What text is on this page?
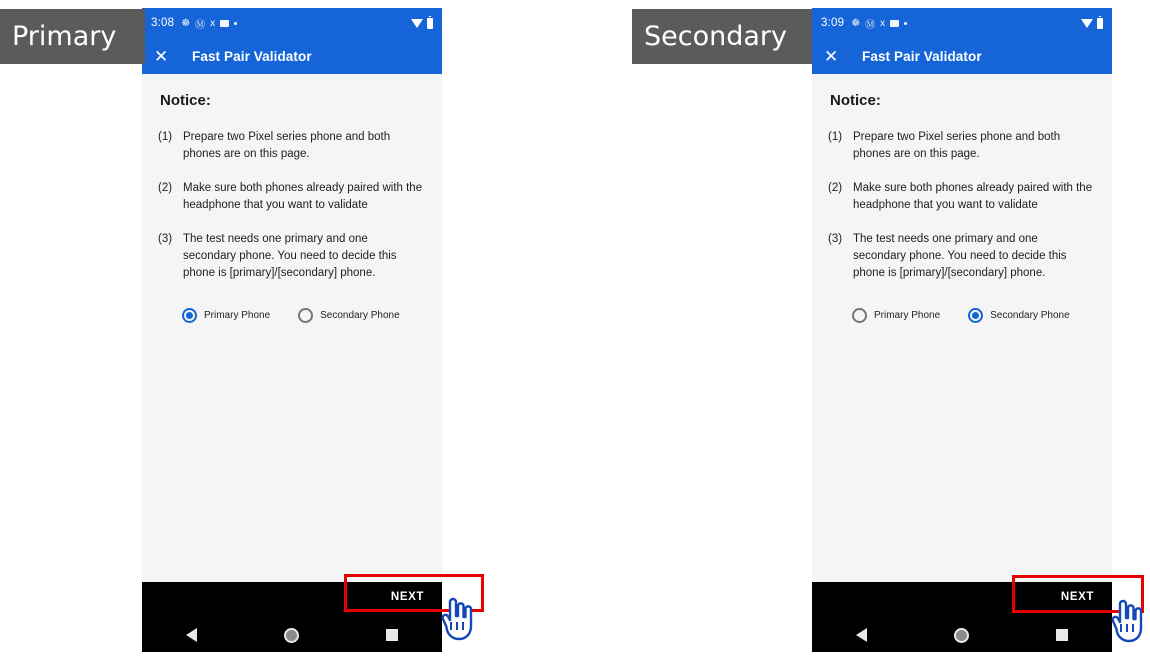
3:08 ☸ Ⓜ x
✕	Fast Pair Validator
Notice:
(1) Prepare two Pixel series phone and both phones are on this page.
(2) Make sure both phones already paired with the headphone that you want to validate
(3) The test needs one primary and one secondary phone. You need to decide this phone is [primary]/[secondary] phone.
Primary Phone	Secondary Phone
NEXT
3:09 ☸ Ⓜ x
✕	Fast Pair Validator
Notice:
(1) Prepare two Pixel series phone and both phones are on this page.
(2) Make sure both phones already paired with the headphone that you want to validate
(3) The test needs one primary and one secondary phone. You need to decide this phone is [primary]/[secondary] phone.
Primary Phone	Secondary Phone
NEXT
Primary	Secondary
